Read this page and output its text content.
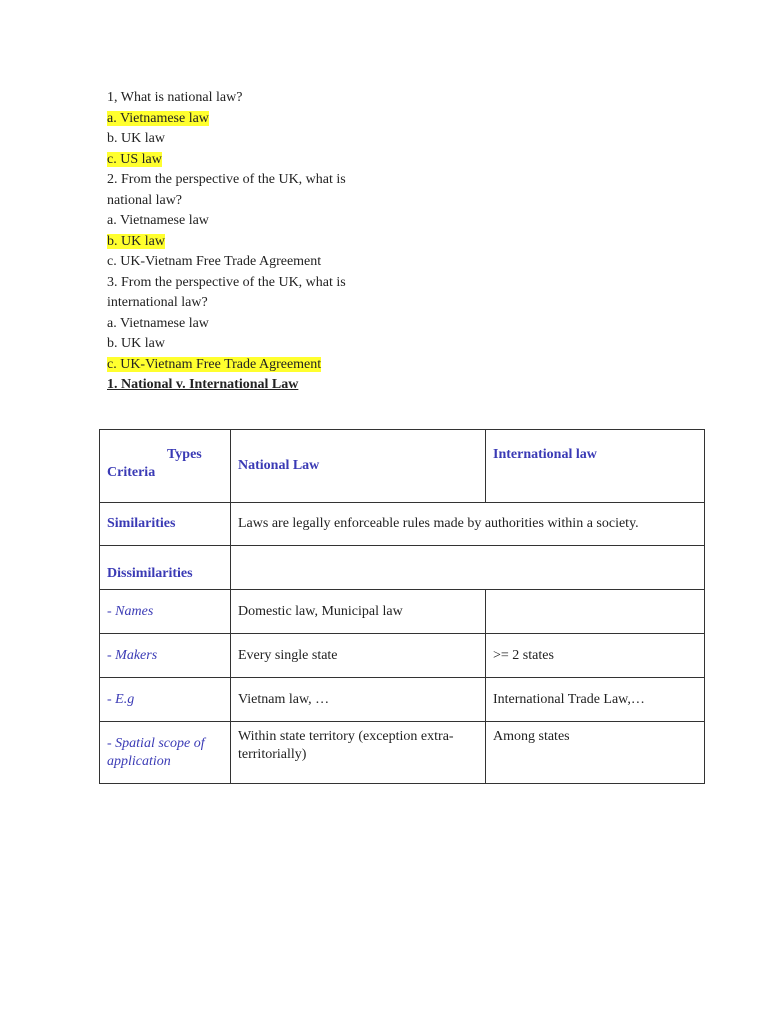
1, What is national law?
a. Vietnamese law
b. UK law
c. US law
2. From the perspective of the UK, what is
national law?
a. Vietnamese law
b. UK law
c. UK-Vietnam Free Trade Agreement
3. From the perspective of the UK, what is
international law?
a. Vietnamese law
b. UK law
c. UK-Vietnam Free Trade Agreement
1. National v. International Law
Types
Criteria	National Law	International law
Similarities	Laws are legally enforceable rules made by authorities within a society.	
Dissimilarities		
- Names	Domestic law, Municipal law	
- Makers	Every single state	>= 2 states
- E.g	Vietnam law, …	International Trade Law,…
- Spatial scope of application	Within state territory (exception extra-territorially)	Among states
